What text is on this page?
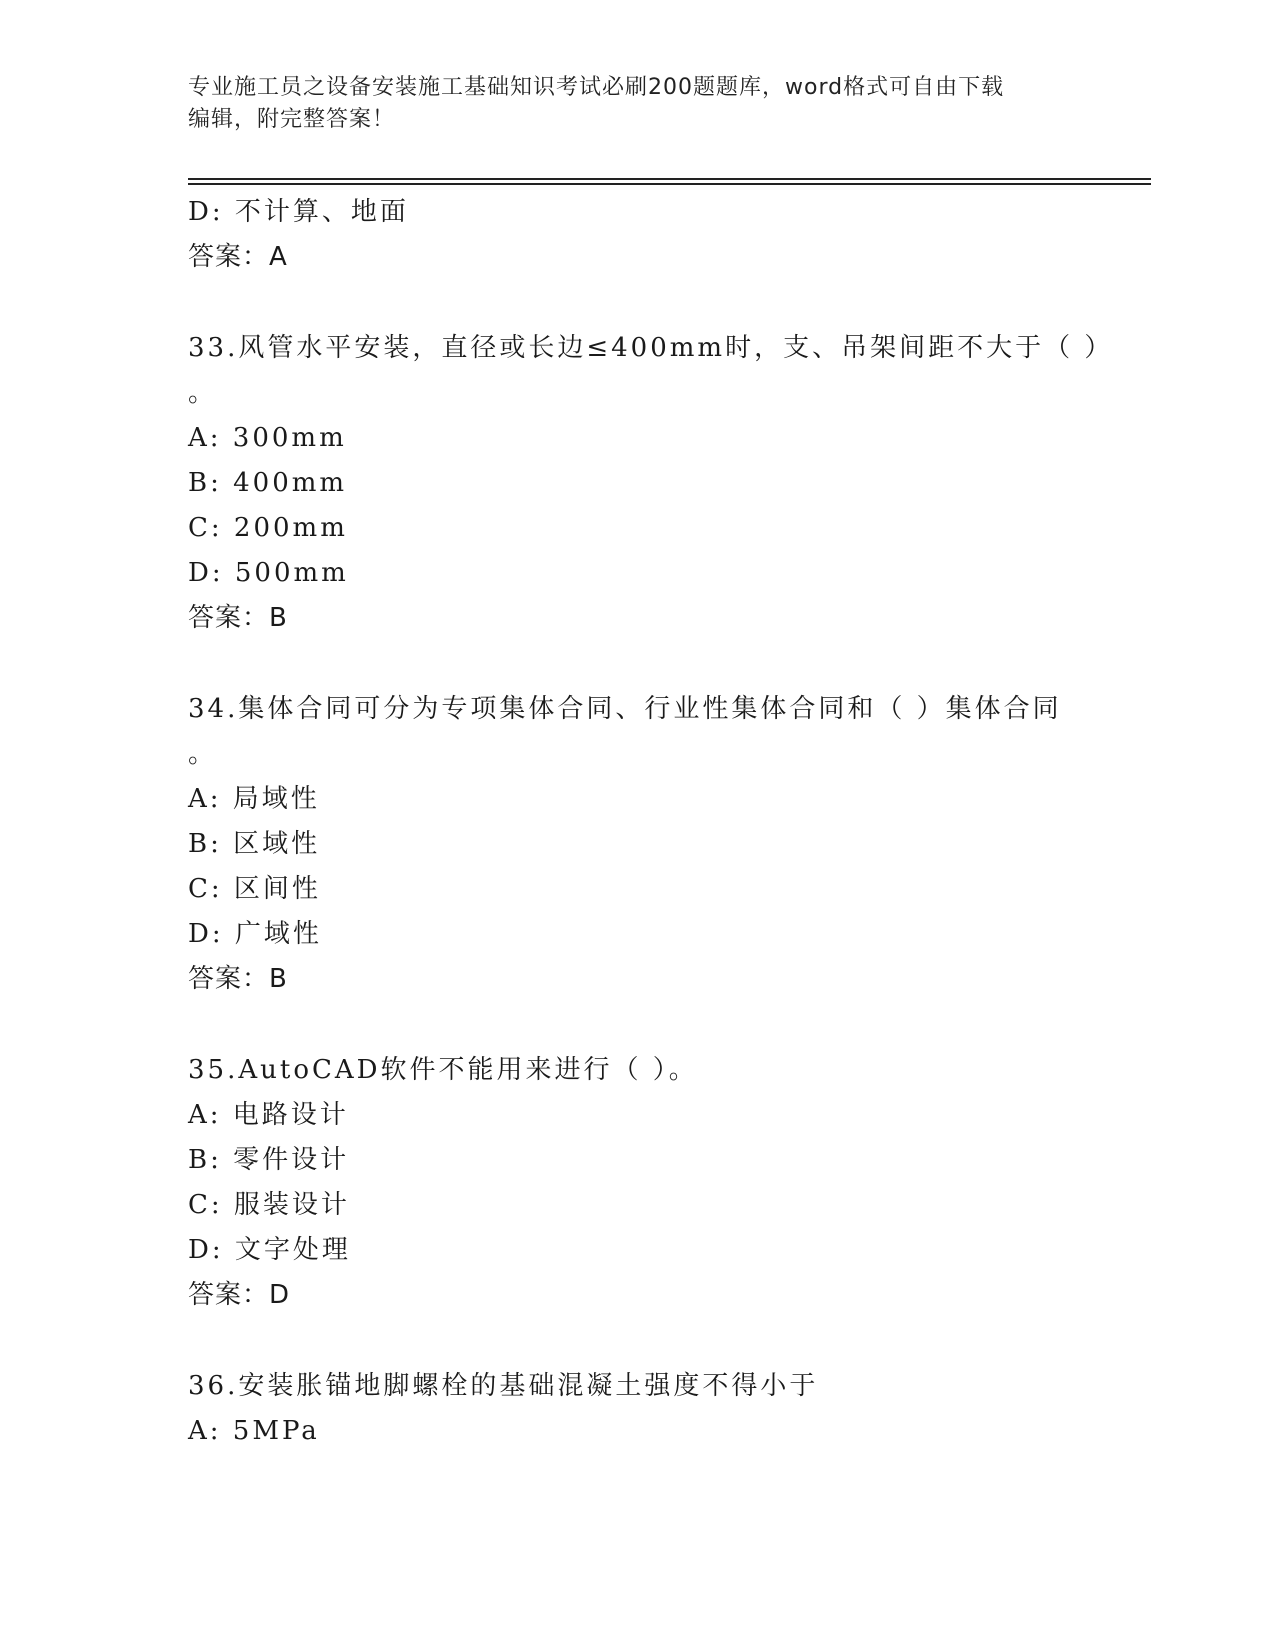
专业施工员之设备安装施工基础知识考试必刷200题题库，word格式可自由下载
编辑，附完整答案！
D: 不计算、地面
答案：A
33.风管水平安装，直径或长边≤400mm时，支、吊架间距不大于（ ）
。
A: 300mm
B: 400mm
C: 200mm
D: 500mm
答案：B
34.集体合同可分为专项集体合同、行业性集体合同和（ ）集体合同
。
A: 局域性
B: 区域性
C: 区间性
D: 广域性
答案：B
35.AutoCAD软件不能用来进行（ ）。
A: 电路设计
B: 零件设计
C: 服装设计
D: 文字处理
答案：D
36.安装胀锚地脚螺栓的基础混凝土强度不得小于
A: 5MPa
